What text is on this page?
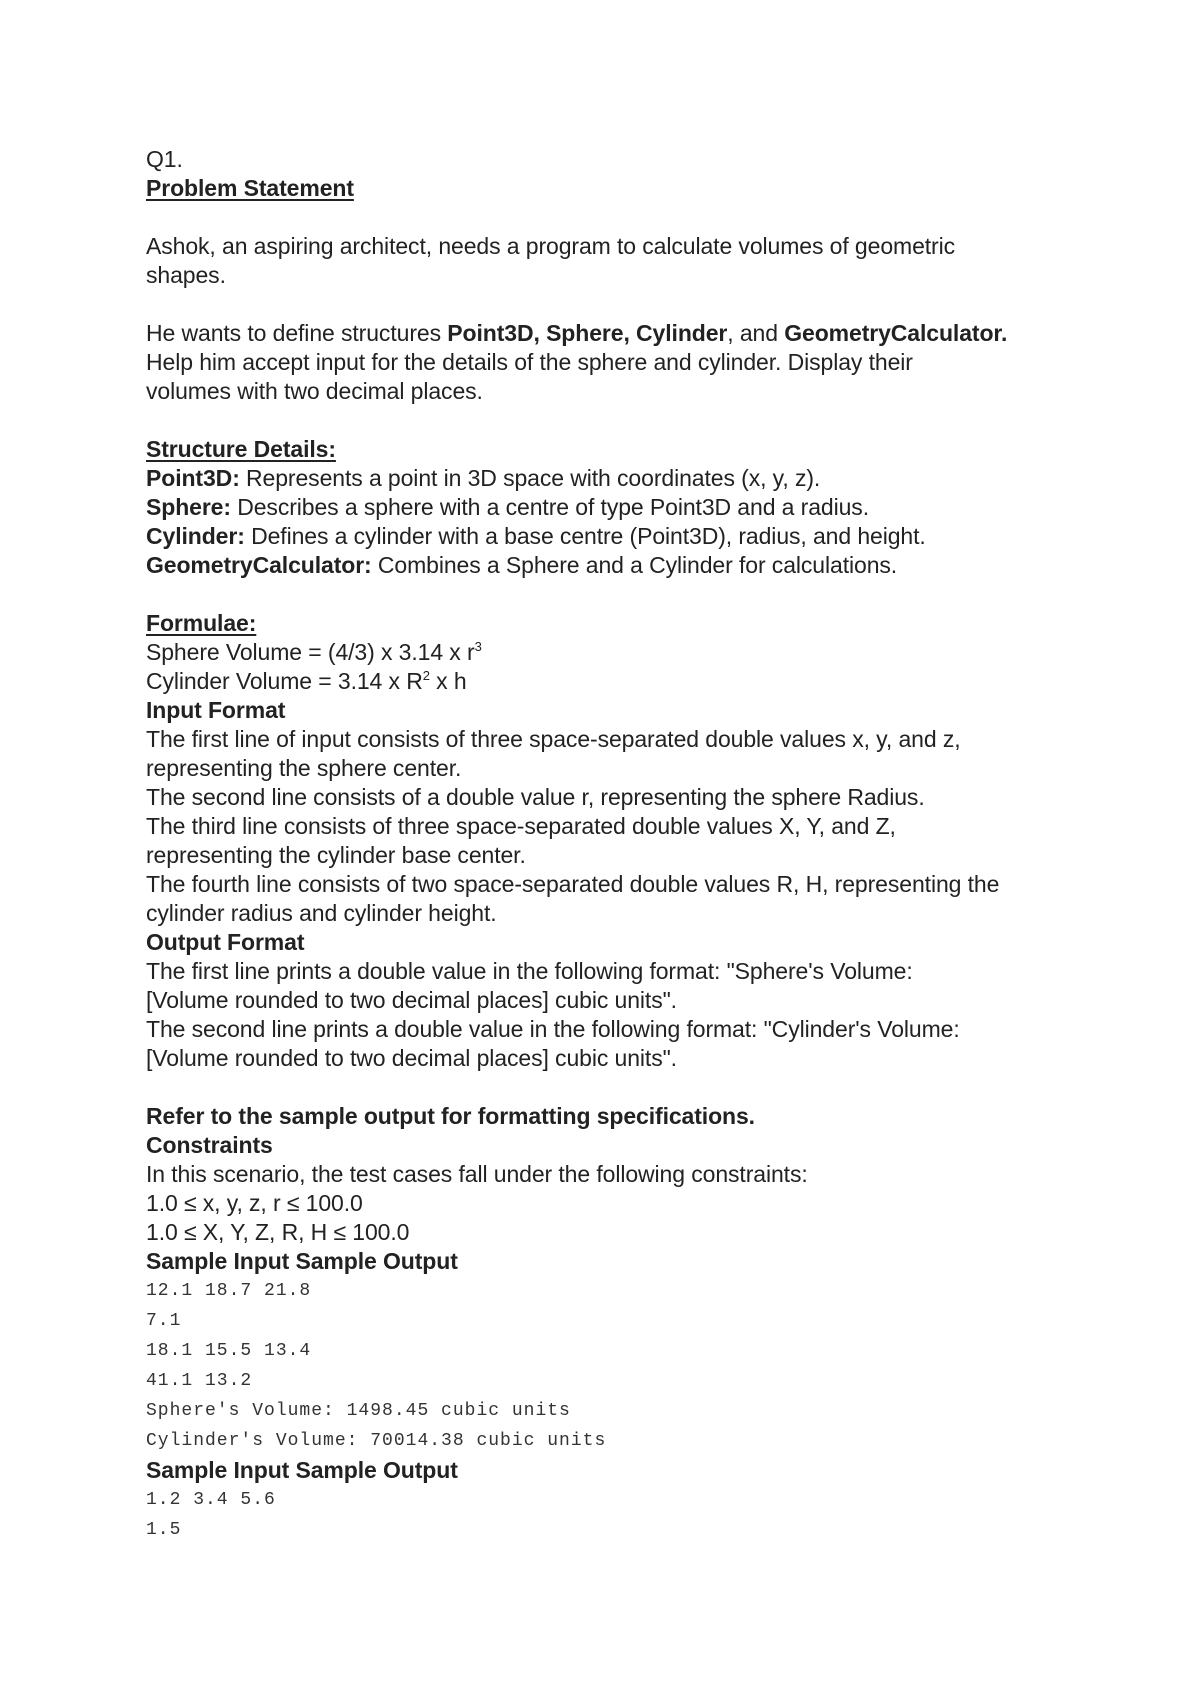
Q1.
Problem Statement
Ashok, an aspiring architect, needs a program to calculate volumes of geometric
shapes.
He wants to define structures Point3D, Sphere, Cylinder, and GeometryCalculator.
Help him accept input for the details of the sphere and cylinder. Display their
volumes with two decimal places.
Structure Details:
Point3D: Represents a point in 3D space with coordinates (x, y, z).
Sphere: Describes a sphere with a centre of type Point3D and a radius.
Cylinder: Defines a cylinder with a base centre (Point3D), radius, and height.
GeometryCalculator: Combines a Sphere and a Cylinder for calculations.
Formulae:
Sphere Volume = (4/3) x 3.14 x $r^3$
Cylinder Volume = 3.14 x $R^2$ x h
Input Format
The first line of input consists of three space-separated double values x, y, and z,
representing the sphere center.
The second line consists of a double value r, representing the sphere Radius.
The third line consists of three space-separated double values X, Y, and Z,
representing the cylinder base center.
The fourth line consists of two space-separated double values R, H, representing the
cylinder radius and cylinder height.
Output Format
The first line prints a double value in the following format: "Sphere's Volume:
[Volume rounded to two decimal places] cubic units".
The second line prints a double value in the following format: "Cylinder's Volume:
[Volume rounded to two decimal places] cubic units".
Refer to the sample output for formatting specifications.
Constraints
In this scenario, the test cases fall under the following constraints:
1.0 ≤ x, y, z, r ≤ 100.0
1.0 ≤ X, Y, Z, R, H ≤ 100.0
Sample Input Sample Output
12.1 18.7 21.8
7.1
18.1 15.5 13.4
41.1 13.2
Sphere's Volume: 1498.45 cubic units
Cylinder's Volume: 70014.38 cubic units
Sample Input Sample Output
1.2 3.4 5.6
1.5
